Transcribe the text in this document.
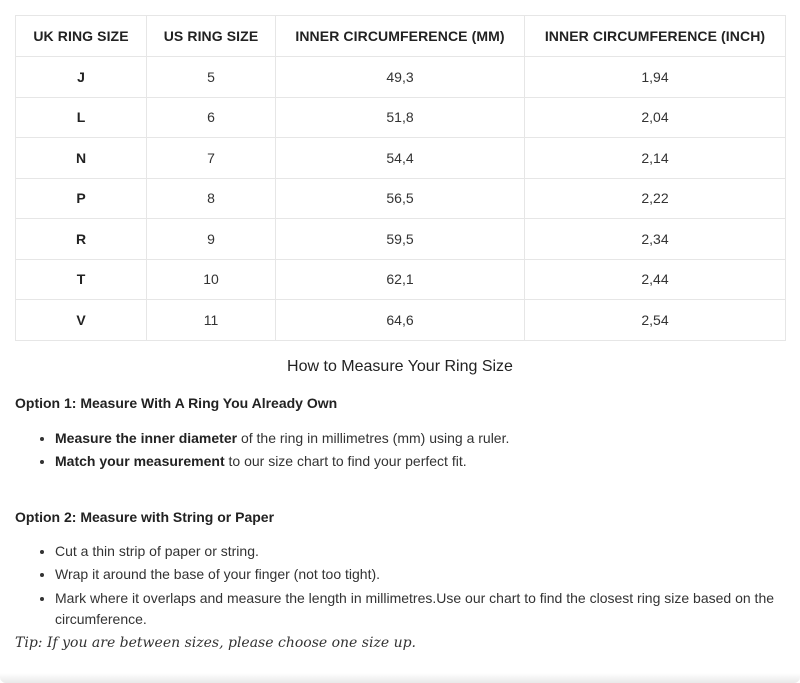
UK RING SIZE	US RING SIZE	INNER CIRCUMFERENCE (MM)	INNER CIRCUMFERENCE (INCH)
J	5	49,3	1,94
L	6	51,8	2,04
N	7	54,4	2,14
P	8	56,5	2,22
R	9	59,5	2,34
T	10	62,1	2,44
V	11	64,6	2,54
How to Measure Your Ring Size
Option 1: Measure With A Ring You Already Own
• Measure the inner diameter of the ring in millimetres (mm) using a ruler.
• Match your measurement to our size chart to find your perfect fit.
Option 2: Measure with String or Paper
• Cut a thin strip of paper or string.
• Wrap it around the base of your finger (not too tight).
• Mark where it overlaps and measure the length in millimetres.Use our chart to find the closest ring size based on the circumference.
Tip: If you are between sizes, please choose one size up.
